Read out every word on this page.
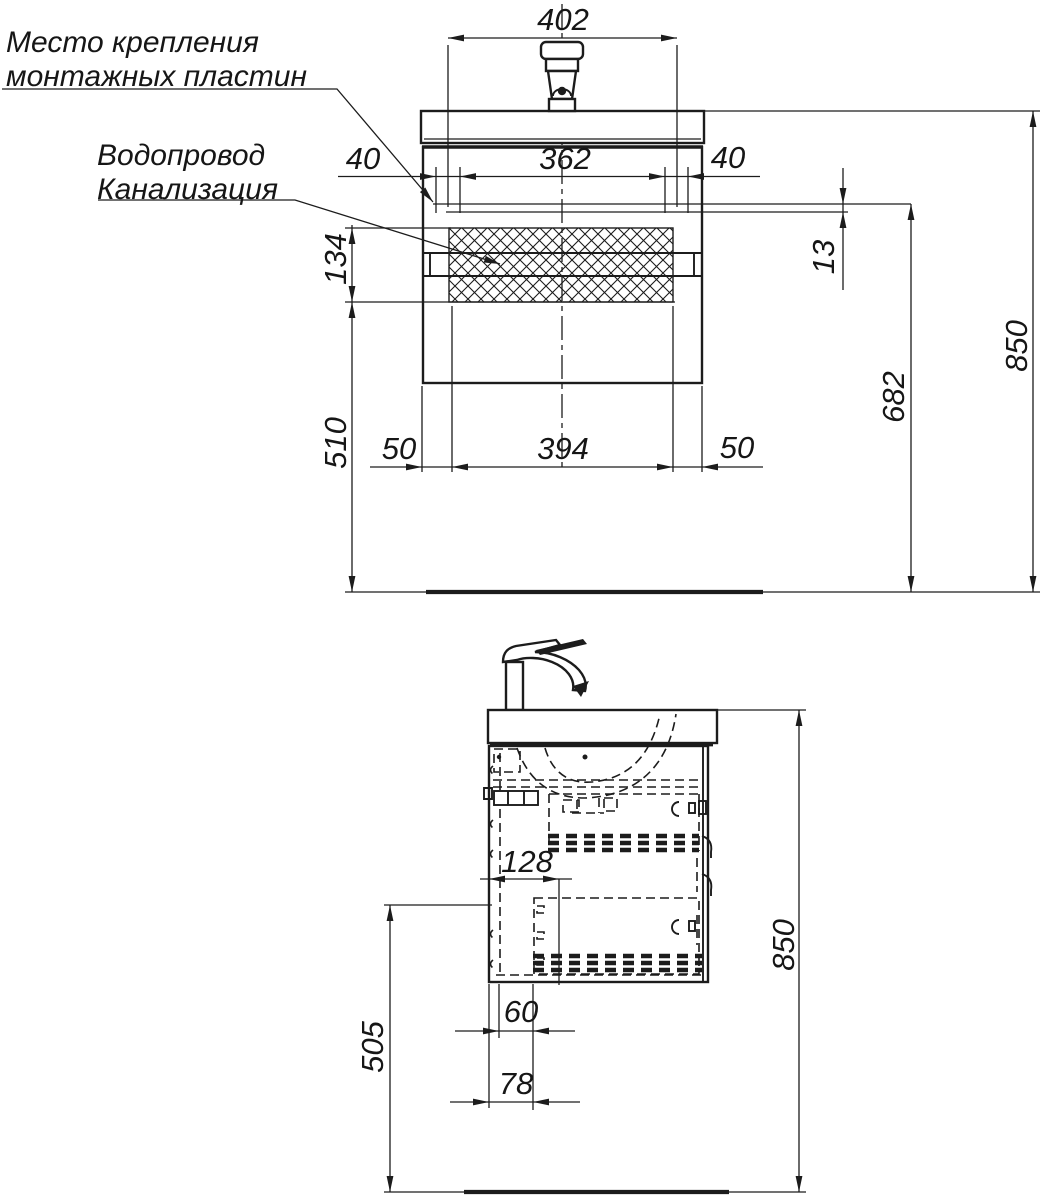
Место крепления
монтажных пластин
Водопровод
Канализация
402
362
40	40
134	13
510
682
850
50	394	50
128
60
78
505
850
